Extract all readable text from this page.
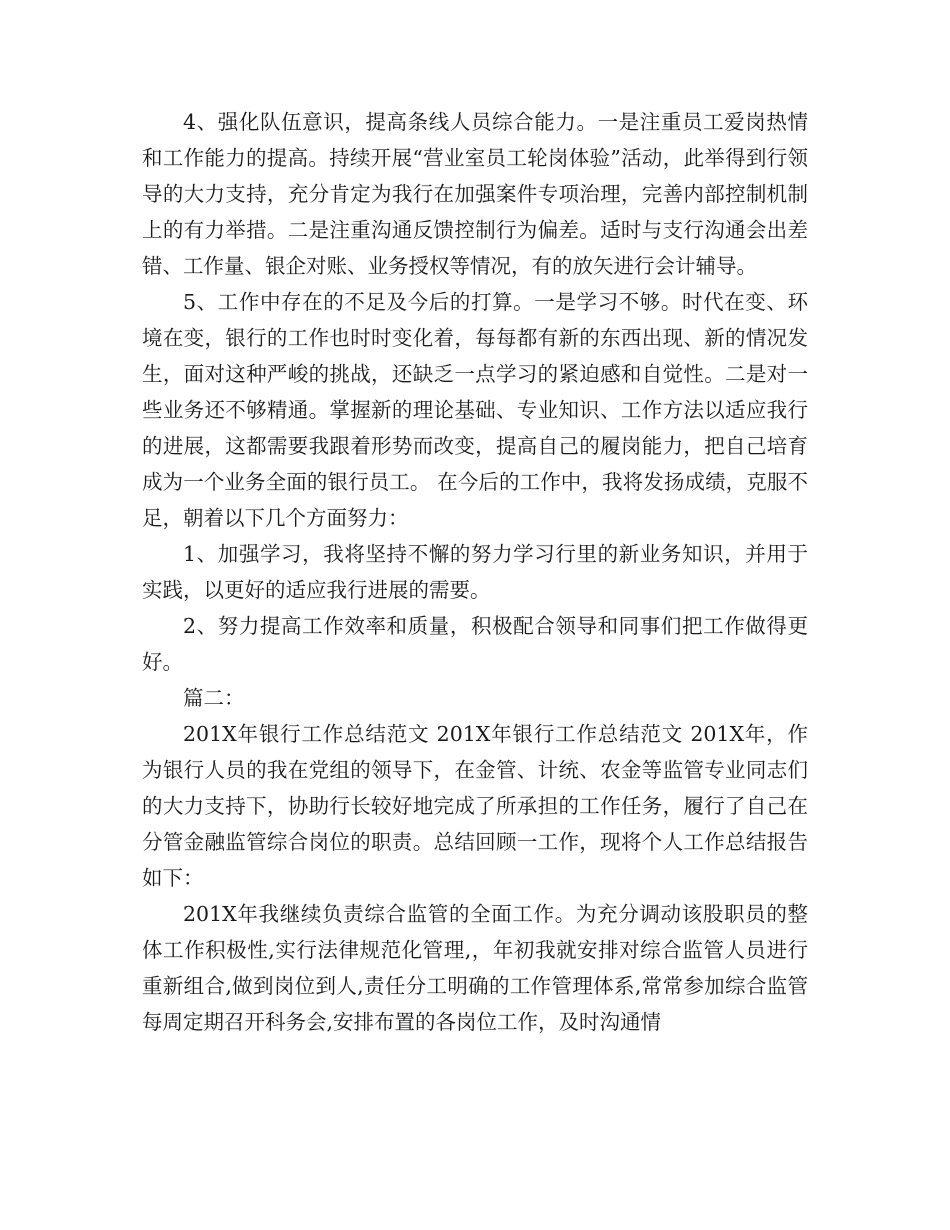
4、强化队伍意识，提高条线人员综合能力。一是注重员工爱岗热情和工作能力的提高。持续开展“营业室员工轮岗体验”活动，此举得到行领导的大力支持，充分肯定为我行在加强案件专项治理，完善内部控制机制上的有力举措。二是注重沟通反馈控制行为偏差。适时与支行沟通会出差错、工作量、银企对账、业务授权等情况，有的放矢进行会计辅导。

5、工作中存在的不足及今后的打算。一是学习不够。时代在变、环境在变，银行的工作也时时变化着，每每都有新的东西出现、新的情况发生，面对这种严峻的挑战，还缺乏一点学习的紧迫感和自觉性。二是对一些业务还不够精通。掌握新的理论基础、专业知识、工作方法以适应我行的进展，这都需要我跟着形势而改变，提高自己的履岗能力，把自己培育成为一个业务全面的银行员工。 在今后的工作中，我将发扬成绩，克服不足，朝着以下几个方面努力：

1、加强学习，我将坚持不懈的努力学习行里的新业务知识，并用于实践，以更好的适应我行进展的需要。

2、努力提高工作效率和质量，积极配合领导和同事们把工作做得更好。

篇二：

201X年银行工作总结范文 201X年银行工作总结范文 201X年，作为银行人员的我在党组的领导下，在金管、计统、农金等监管专业同志们的大力支持下，协助行长较好地完成了所承担的工作任务，履行了自己在分管金融监管综合岗位的职责。总结回顾一工作，现将个人工作总结报告如下：

201X年我继续负责综合监管的全面工作。为充分调动该股职员的整体工作积极性,实行法律规范化管理,，年初我就安排对综合监管人员进行重新组合,做到岗位到人,责任分工明确的工作管理体系,常常参加综合监管每周定期召开科务会,安排布置的各岗位工作，及时沟通情
